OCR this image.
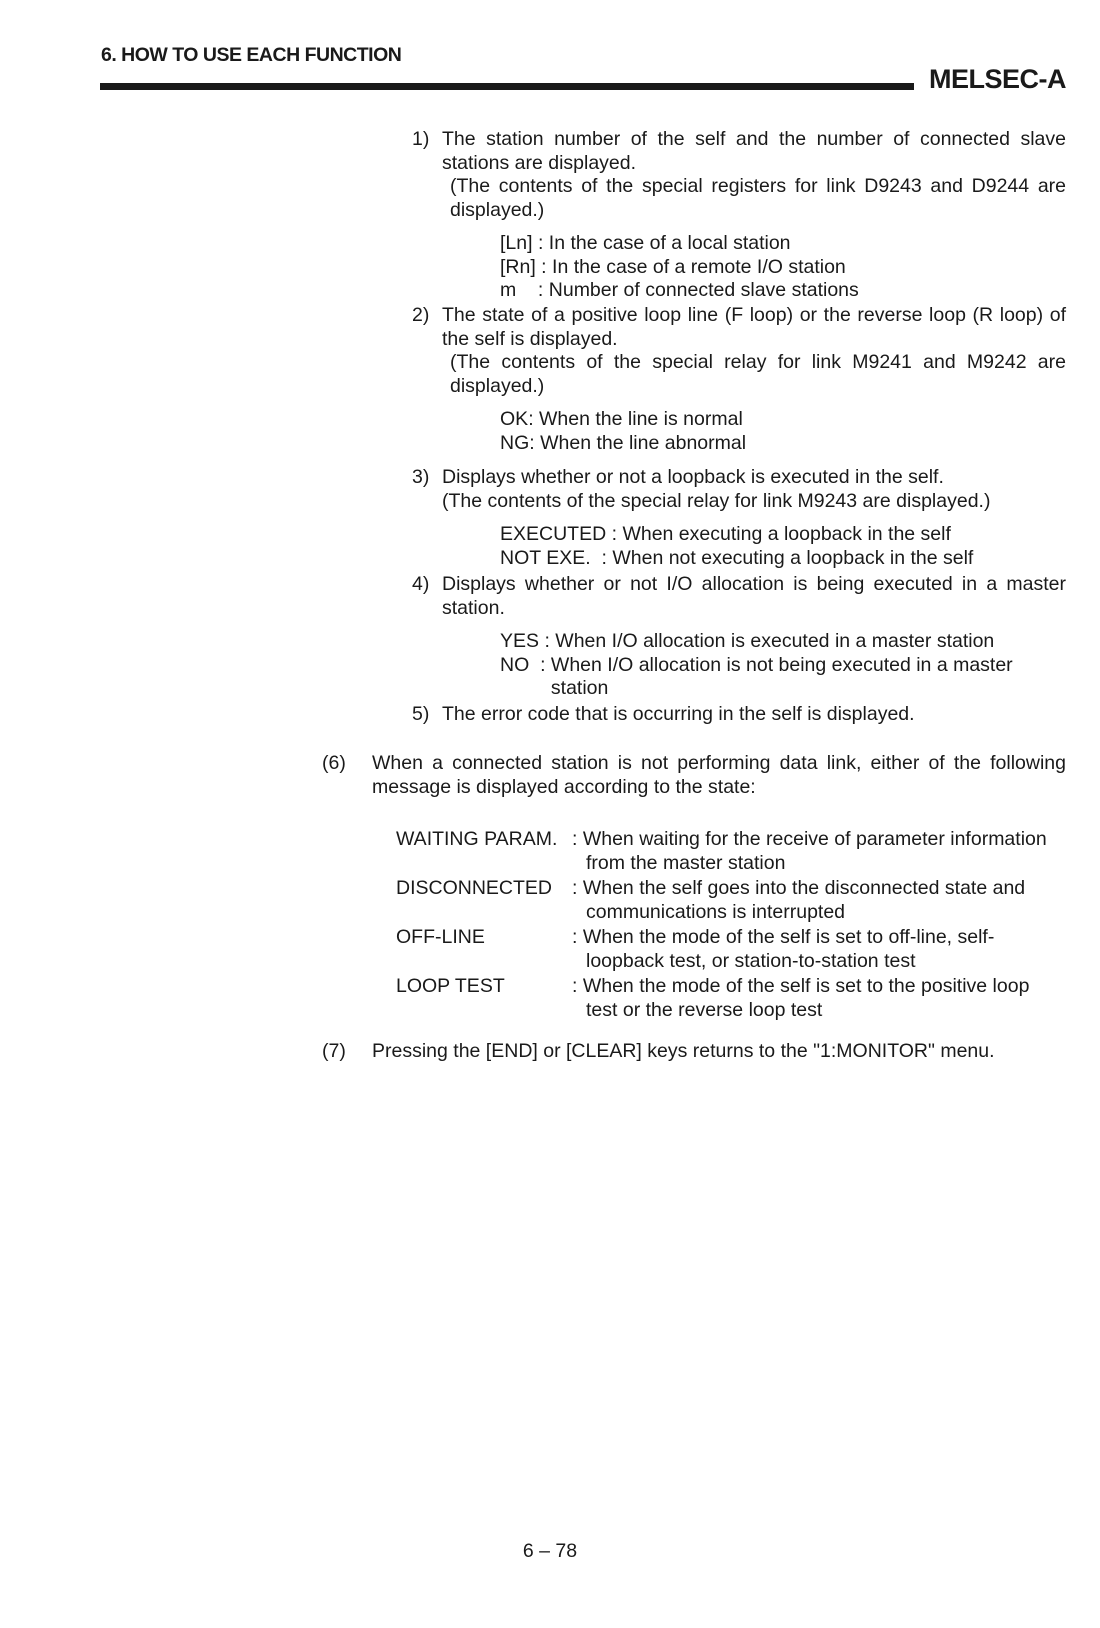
6. HOW TO USE EACH FUNCTION
MELSEC-A
1) The station number of the self and the number of connected slave stations are displayed.

(The contents of the special registers for link D9243 and D9244 are displayed.)

[Ln] : In the case of a local station
[Rn] : In the case of a remote I/O station
m : Number of connected slave stations
2) The state of a positive loop line (F loop) or the reverse loop (R loop) of the self is displayed.

(The contents of the special relay for link M9241 and M9242 are displayed.)

OK : When the line is normal
NG : When the line abnormal
3) Displays whether or not a loopback is executed in the self.

(The contents of the special relay for link M9243 are displayed.)

EXECUTED : When executing a loopback in the self
NOT EXE. : When not executing a loopback in the self
4) Displays whether or not I/O allocation is being executed in a master station.

YES : When I/O allocation is executed in a master station
NO : When I/O allocation is not being executed in a master station
5) The error code that is occurring in the self is displayed.

(6) When a connected station is not performing data link, either of the following message is displayed according to the state:
WAITING PARAM. : When waiting for the receive of parameter information from the master station
DISCONNECTED	: When the self goes into the disconnected state and communications is interrupted
OFF-LINE	: When the mode of the self is set to off-line, self-loopback test, or station-to-station test
LOOP TEST	: When the mode of the self is set to the positive loop test or the reverse loop test
(7) Pressing the [END] or [CLEAR] keys returns to the "1:MONITOR" menu.
6 – 78
